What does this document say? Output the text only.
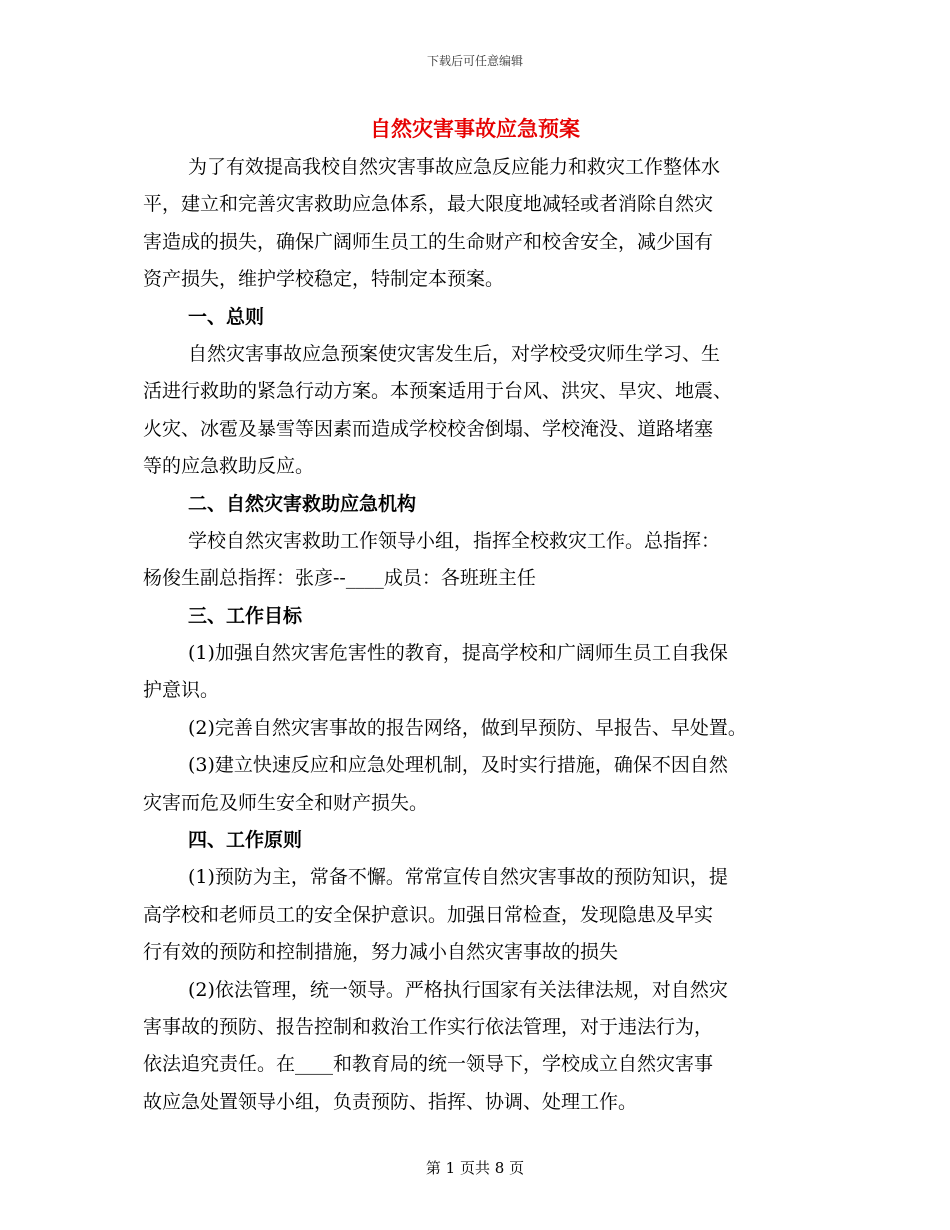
下载后可任意编辑
自然灾害事故应急预案
为了有效提高我校自然灾害事故应急反应能力和救灾工作整体水
平，建立和完善灾害救助应急体系，最大限度地减轻或者消除自然灾
害造成的损失，确保广阔师生员工的生命财产和校舍安全，减少国有
资产损失，维护学校稳定，特制定本预案。
一、总则
自然灾害事故应急预案使灾害发生后，对学校受灾师生学习、生
活进行救助的紧急行动方案。本预案适用于台风、洪灾、旱灾、地震、
火灾、冰雹及暴雪等因素而造成学校校舍倒塌、学校淹没、道路堵塞
等的应急救助反应。
二、自然灾害救助应急机构
学校自然灾害救助工作领导小组，指挥全校救灾工作。总指挥：
杨俊生副总指挥：张彦--____成员：各班班主任
三、工作目标
(1)加强自然灾害危害性的教育，提高学校和广阔师生员工自我保
护意识。
(2)完善自然灾害事故的报告网络，做到早预防、早报告、早处置。
(3)建立快速反应和应急处理机制，及时实行措施，确保不因自然
灾害而危及师生安全和财产损失。
四、工作原则
(1)预防为主，常备不懈。常常宣传自然灾害事故的预防知识，提
高学校和老师员工的安全保护意识。加强日常检查，发现隐患及早实
行有效的预防和控制措施，努力减小自然灾害事故的损失
(2)依法管理，统一领导。严格执行国家有关法律法规，对自然灾
害事故的预防、报告控制和救治工作实行依法管理，对于违法行为，
依法追究责任。在____和教育局的统一领导下，学校成立自然灾害事
故应急处置领导小组，负责预防、指挥、协调、处理工作。
第 1 页共 8 页
